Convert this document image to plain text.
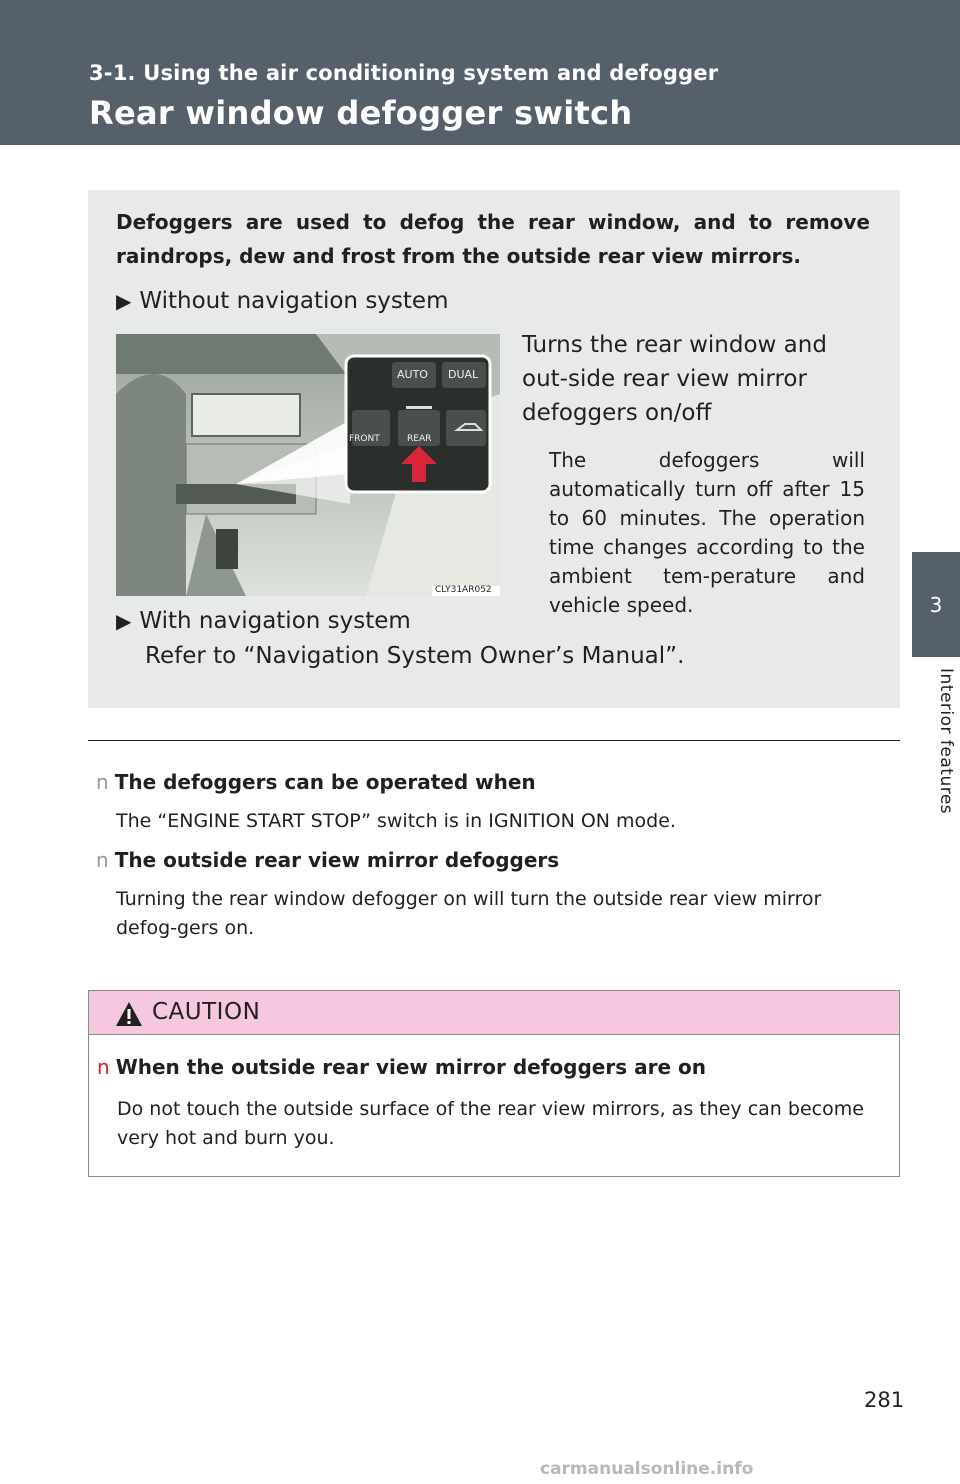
3-1. Using the air conditioning system and defogger
Rear window defogger switch
3
Interior features
Defoggers are used to defog the rear window, and to remove raindrops, dew and frost from the outside rear view mirrors.
▶ Without navigation system
AUTO DUAL
FRONT	REAR
CLY31AR052
Turns the rear window and out-side rear view mirror defoggers on/off
The defoggers will automatically turn off after 15 to 60 minutes. The operation time changes according to the ambient tem-perature and vehicle speed.
▶ With navigation system
Refer to “Navigation System Owner’s Manual”.
n The defoggers can be operated when
The “ENGINE START STOP” switch is in IGNITION ON mode.
n The outside rear view mirror defoggers
Turning the rear window defogger on will turn the outside rear view mirror defog-gers on.
CAUTION
n When the outside rear view mirror defoggers are on
Do not touch the outside surface of the rear view mirrors, as they can become very hot and burn you.
281
carmanualsonline.info
